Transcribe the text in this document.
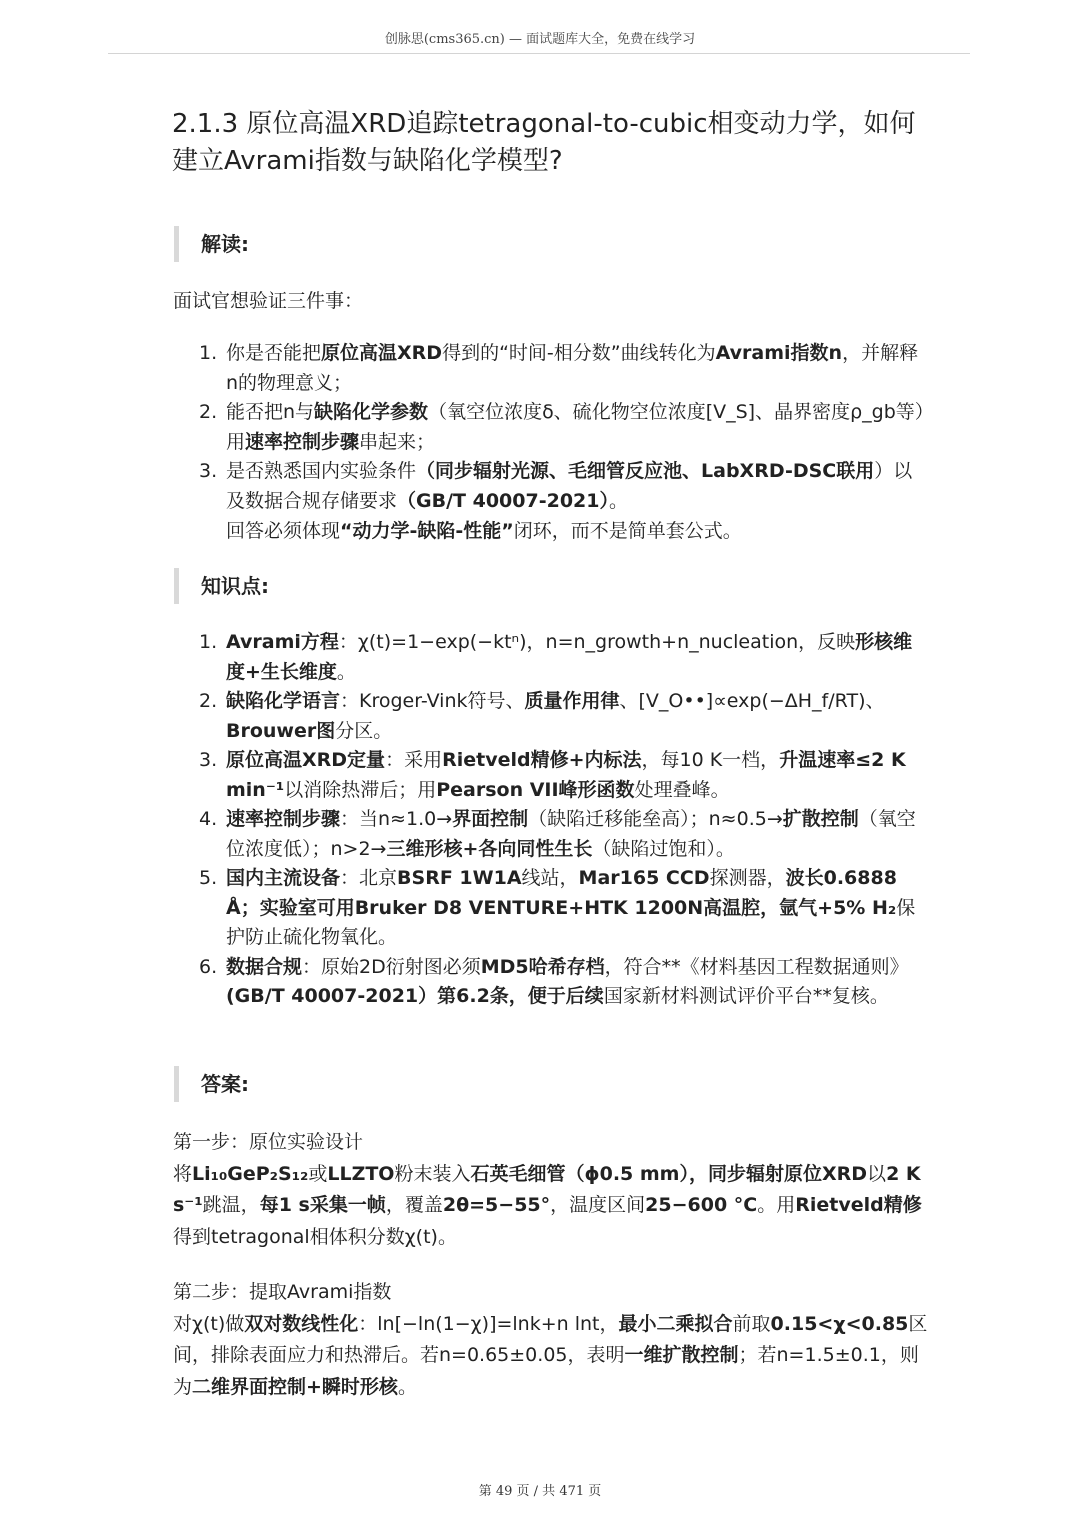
创脉思(cms365.cn) — 面试题库大全，免费在线学习
2.1.3 原位高温XRD追踪tetragonal-to-cubic相变动力学，如何建立Avrami指数与缺陷化学模型?
解读:
面试官想验证三件事：
1. 你是否能把原位高温XRD得到的“时间-相分数”曲线转化为Avrami指数n，并解释n的物理意义；
2. 能否把n与缺陷化学参数（氧空位浓度δ、硫化物空位浓度[V_S]、晶界密度ρ_gb等）用速率控制步骤串起来；
3. 是否熟悉国内实验条件（同步辐射光源、毛细管反应池、LabXRD-DSC联用）以及数据合规存储要求（GB/T 40007-2021）。
回答必须体现“动力学-缺陷-性能”闭环，而不是简单套公式。
知识点:
1. Avrami方程：χ(t)=1−exp(−ktⁿ)，n=n_growth+n_nucleation，反映形核维度+生长维度。
2. 缺陷化学语言：Kroger-Vink符号、质量作用律、[V_O••]∝exp(−ΔH_f/RT)、Brouwer图分区。
3. 原位高温XRD定量：采用Rietveld精修+内标法，每10 K一档，升温速率≤2 K min⁻¹以消除热滞后；用Pearson VII峰形函数处理叠峰。
4. 速率控制步骤：当n≈1.0→界面控制（缺陷迁移能垒高）；n≈0.5→扩散控制（氧空位浓度低）；n>2→三维形核+各向同性生长（缺陷过饱和）。
5. 国内主流设备：北京BSRF 1W1A线站，Mar165 CCD探测器，波长0.6888 Å；实验室可用Bruker D8 VENTURE+HTK 1200N高温腔，氩气+5% H₂保护防止硫化物氧化。
6. 数据合规：原始2D衍射图必须MD5哈希存档，符合**《材料基因工程数据通则》(GB/T 40007-2021）第6.2条，便于后续国家新材料测试评价平台**复核。
答案:
第一步：原位实验设计
将Li₁₀GeP₂S₁₂或LLZTO粉末装入石英毛细管（ϕ0.5 mm），同步辐射原位XRD以2 K s⁻¹跳温，每1 s采集一帧，覆盖2θ=5−55°，温度区间25−600 °C。用Rietveld精修得到tetragonal相体积分数χ(t)。
第二步：提取Avrami指数
对χ(t)做双对数线性化：ln[−ln(1−χ)]=lnk+n lnt，最小二乘拟合前取0.15<χ<0.85区间，排除表面应力和热滞后。若n=0.65±0.05，表明一维扩散控制；若n=1.5±0.1，则为二维界面控制+瞬时形核。
第 49 页 / 共 471 页
